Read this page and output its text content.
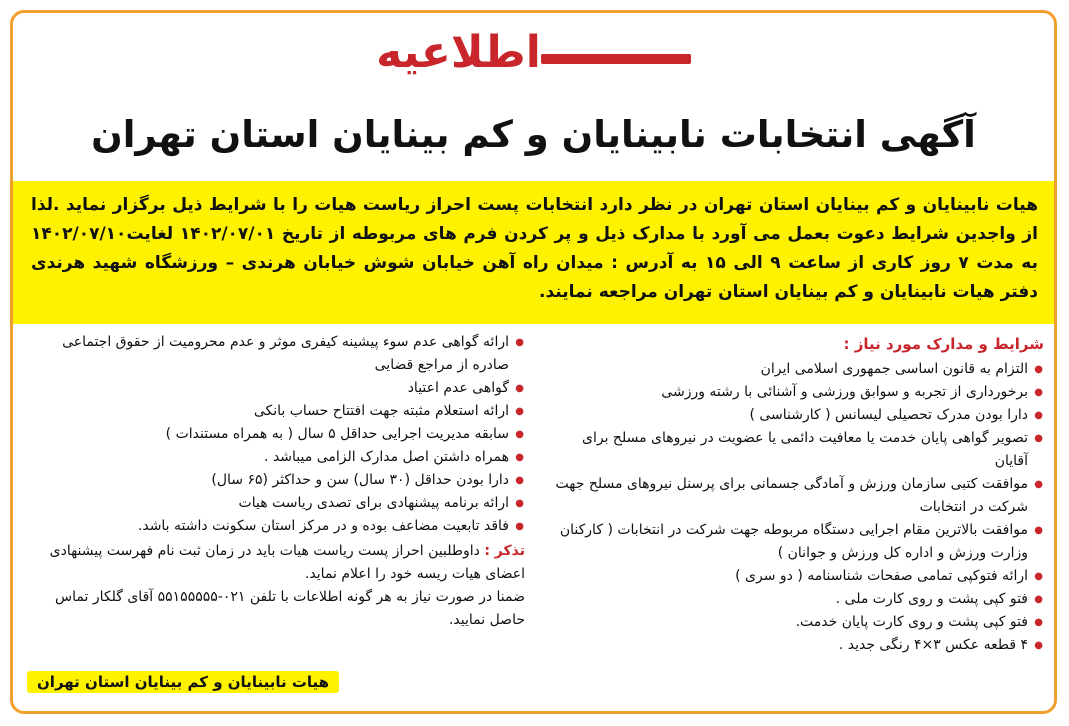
اطلاعیه
آگهی انتخابات نابینایان و کم بینایان استان تهران

هیات نابینایان و کم بینایان استان تهران در نظر دارد انتخابات پست احراز ریاست هیات را با شرایط ذیل برگزار نماید .لذا از واجدین شرایط دعوت بعمل می آورد با مدارک ذیل و پر کردن فرم های مربوطه از تاریخ ۱۴۰۲/۰۷/۰۱ لغایت۱۴۰۲/۰۷/۱۰ به مدت ۷ روز کاری از ساعت ۹ الی ۱۵ به آدرس : میدان راه آهن خیابان شوش خیابان هرندی – ورزشگاه شهید هرندی دفتر هیات نابینایان و کم بینایان استان تهران مراجعه نمایند.

شرایط و مدارک مورد نیاز :
● التزام به قانون اساسی جمهوری اسلامی ایران
● برخورداری از تجربه و سوابق ورزشی و آشنائی با رشته ورزشی
● دارا بودن مدرک تحصیلی لیسانس ( کارشناسی )
● تصویر گواهی پایان خدمت یا معافیت دائمی یا عضویت در نیروهای مسلح برای آقایان
● موافقت کتبی سازمان ورزش و آمادگی جسمانی برای پرسنل نیروهای مسلح جهت شرکت در انتخابات
● موافقت بالاترین مقام اجرایی دستگاه مربوطه جهت شرکت در انتخابات ( کارکنان وزارت ورزش و اداره کل ورزش و جوانان )
● ارائه فتوکپی تمامی صفحات شناسنامه ( دو سری )
● فتو کپی پشت و روی کارت ملی .
● فتو کپی پشت و روی کارت پایان خدمت.
● ۴ قطعه عکس ۳×۴ رنگی جدید .
● ارائه گواهی عدم سوء پیشینه کیفری موثر و عدم محرومیت از حقوق اجتماعی صادره از مراجع قضایی
● گواهی عدم اعتیاد
● ارائه استعلام مثبته جهت افتتاح حساب بانکی
● سابقه مدیریت اجرایی حداقل ۵ سال ( به همراه مستندات )
● همراه داشتن اصل مدارک الزامی میباشد .
● دارا بودن حداقل (۳۰ سال) سن و حداکثر (۶۵ سال)
● ارائه برنامه پیشنهادی برای تصدی ریاست هیات
● فاقد تابعیت مضاعف بوده و در مرکز استان سکونت داشته باشد.

تذکر : داوطلبین احراز پست ریاست هیات باید در زمان ثبت نام فهرست پیشنهادی اعضای هیات ریسه خود را اعلام نماید.

ضمنا در صورت نیاز به هر گونه اطلاعات با تلفن ۰۲۱-۵۵۱۵۵۵۵۵ آقای گلکار تماس حاصل نمایید.

هیات نابینایان و کم بینایان استان تهران
